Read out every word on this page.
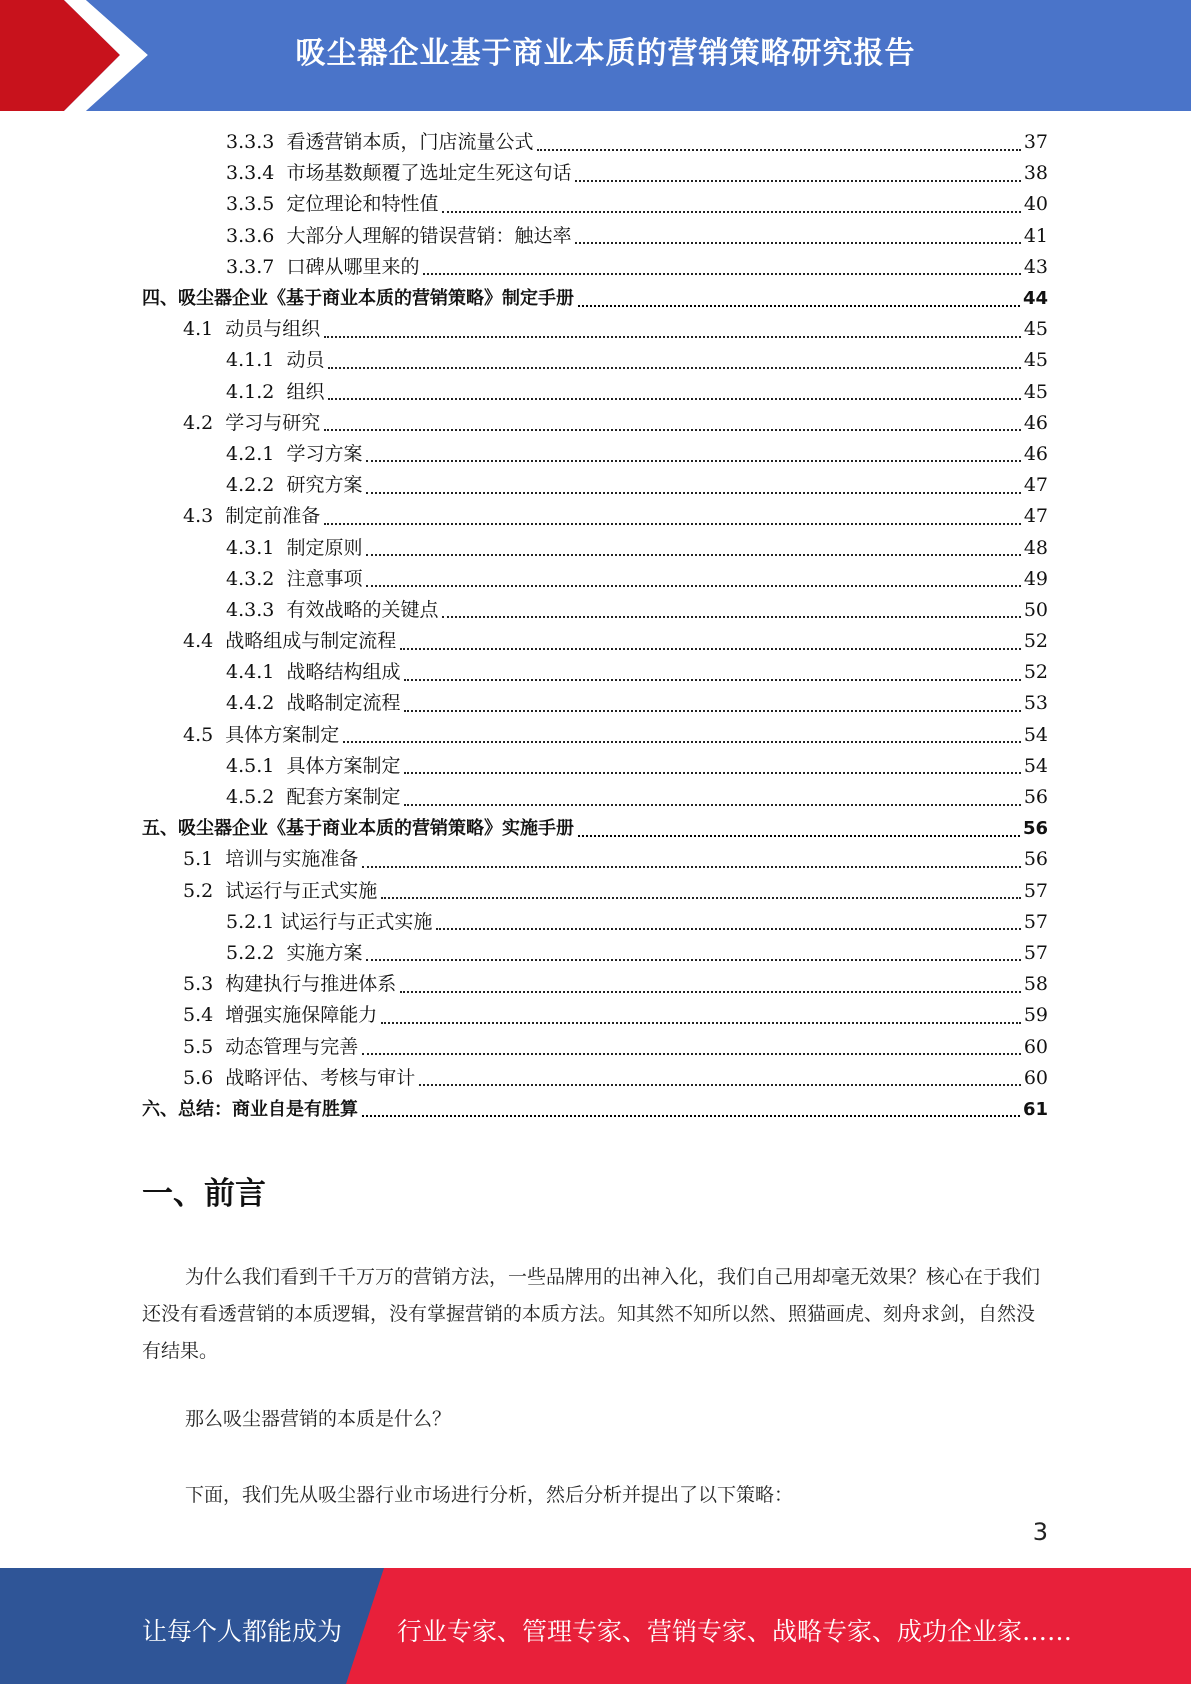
吸尘器企业基于商业本质的营销策略研究报告
3.3.3 看透营销本质，门店流量公式	37
3.3.4 市场基数颠覆了选址定生死这句话	38
3.3.5 定位理论和特性值	40
3.3.6 大部分人理解的错误营销：触达率	41
3.3.7 口碑从哪里来的	43
四、 吸尘器企业《基于商业本质的营销策略》制定手册	44
4.1 动员与组织	45
4.1.1 动员	45
4.1.2 组织	45
4.2 学习与研究	46
4.2.1 学习方案	46
4.2.2 研究方案	47
4.3 制定前准备	47
4.3.1 制定原则	48
4.3.2 注意事项	49
4.3.3 有效战略的关键点	50
4.4 战略组成与制定流程	52
4.4.1 战略结构组成	52
4.4.2 战略制定流程	53
4.5 具体方案制定	54
4.5.1 具体方案制定	54
4.5.2 配套方案制定	56
五、 吸尘器企业《基于商业本质的营销策略》实施手册	56
5.1 培训与实施准备	56
5.2 试运行与正式实施	57
5.2.1 试运行与正式实施	57
5.2.2 实施方案	57
5.3 构建执行与推进体系	58
5.4 增强实施保障能力	59
5.5 动态管理与完善	60
5.6 战略评估、考核与审计	60
六、 总结：商业自是有胜算	61
一、前言

为什么我们看到千千万万的营销方法，一些品牌用的出神入化，我们自己用却毫无效果？核心在于我们还没有看透营销的本质逻辑，没有掌握营销的本质方法。知其然不知所以然、照猫画虎、刻舟求剑，自然没有结果。

那么吸尘器营销的本质是什么？

下面，我们先从吸尘器行业市场进行分析，然后分析并提出了以下策略：

3
让每个人都能成为 行业专家、管理专家、营销专家、战略专家、成功企业家……
